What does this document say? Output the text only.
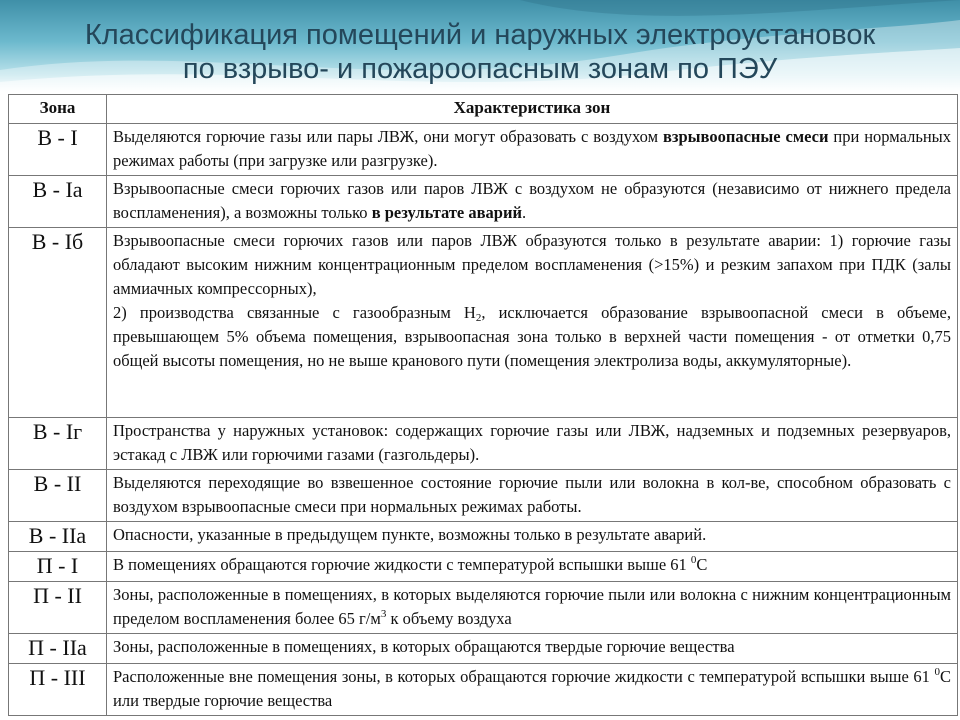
Классификация помещений и наружных электроустановок
по взрыво- и пожароопасным зонам по ПЭУ
Зона	Характеристика зон
В - I	Выделяются горючие газы или пары ЛВЖ, они могут образовать с воздухом взрывоопасные смеси при нормальных режимах работы (при загрузке или разгрузке).
В - Iа	Взрывоопасные смеси горючих газов или паров ЛВЖ с воздухом не образуются (независимо от нижнего предела воспламенения), а возможны только в результате аварий.
В - Iб	Взрывоопасные смеси горючих газов или паров ЛВЖ образуются только в результате аварии: 1) горючие газы обладают высоким нижним концентрационным пределом воспламенения (>15%) и резким запахом при ПДК (залы аммиачных компрессорных),
2) производства связанные с газообразным $Н_2$, исключается образование взрывоопасной смеси в объеме, превышающем 5% объема помещения, взрывоопасная зона только в верхней части помещения - от отметки 0,75 общей высоты помещения, но не выше кранового пути (помещения электролиза воды, аккумуляторные).

В - Iг	Пространства у наружных установок: содержащих горючие газы или ЛВЖ, надземных и подземных резервуаров, эстакад с ЛВЖ или горючими газами (газгольдеры).
В - II	Выделяются переходящие во взвешенное состояние горючие пыли или волокна в кол-ве, способном образовать с воздухом взрывоопасные смеси при нормальных режимах работы.
В - IIа	Опасности, указанные в предыдущем пункте, возможны только в результате аварий.
П - I	В помещениях обращаются горючие жидкости с температурой вспышки выше 61 $^0$С
П - II	Зоны, расположенные в помещениях, в которых выделяются горючие пыли или волокна с нижним концентрационным пределом воспламенения более 65 $г/м^3$ к объему воздуха
П - IIа	Зоны, расположенные в помещениях, в которых обращаются твердые горючие вещества
П - III	Расположенные вне помещения зоны, в которых обращаются горючие жидкости с температурой вспышки выше 61 $^0$С или твердые горючие вещества
